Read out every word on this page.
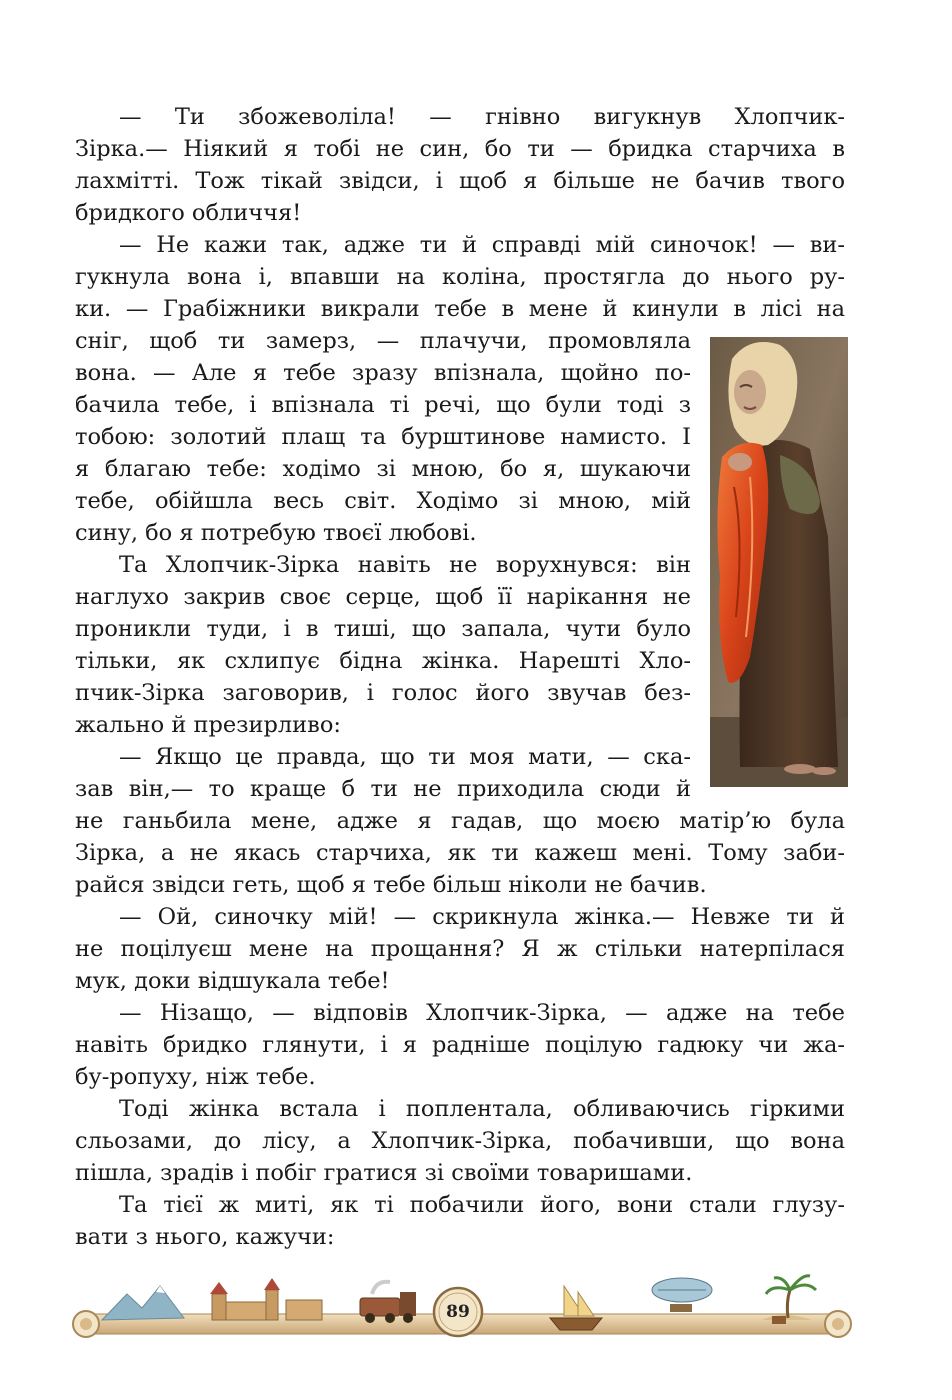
— Ти збожеволіла! — гнівно вигукнув Хлопчик-
Зірка.— Ніякий я тобі не син, бо ти — бридка старчиха в
лахмітті. Тож тікай звідси, і щоб я більше не бачив твого
бридкого обличчя!
— Не кажи так, адже ти й справді мій синочок! — ви-
гукнула вона і, впавши на коліна, простягла до нього ру-
ки. — Грабіжники викрали тебе в мене й кинули в лісі на
сніг, щоб ти замерз, — плачучи, промовляла
вона. — Але я тебе зразу впізнала, щойно по-
бачила тебе, і впізнала ті речі, що були тоді з
тобою: золотий плащ та бурштинове намисто. І
я благаю тебе: ходімо зі мною, бо я, шукаючи
тебе, обійшла весь світ. Ходімо зі мною, мій
сину, бо я потребую твоєї любові.
Та Хлопчик-Зірка навіть не ворухнувся: він
наглухо закрив своє серце, щоб її нарікання не
проникли туди, і в тиші, що запала, чути було
тільки, як схлипує бідна жінка. Нарешті Хло-
пчик-Зірка заговорив, і голос його звучав без-
жально й презирливо:
— Якщо це правда, що ти моя мати, — ска-
зав він,— то краще б ти не приходила сюди й
не ганьбила мене, адже я гадав, що моєю матір’ю була
Зірка, а не якась старчиха, як ти кажеш мені. Тому заби-
райся звідси геть, щоб я тебе більш ніколи не бачив.
— Ой, синочку мій! — скрикнула жінка.— Невже ти й
не поцілуєш мене на прощання? Я ж стільки натерпілася
мук, доки відшукала тебе!
— Нізащо, — відповів Хлопчик-Зірка, — адже на тебе
навіть бридко глянути, і я радніше поцілую гадюку чи жа-
бу-ропуху, ніж тебе.
Тоді жінка встала і поплентала, обливаючись гіркими
сльозами, до лісу, а Хлопчик-Зірка, побачивши, що вона
пішла, зрадів і побіг гратися зі своїми товаришами.
Та тієї ж миті, як ті побачили його, вони стали глузу-
вати з нього, кажучи:
89
